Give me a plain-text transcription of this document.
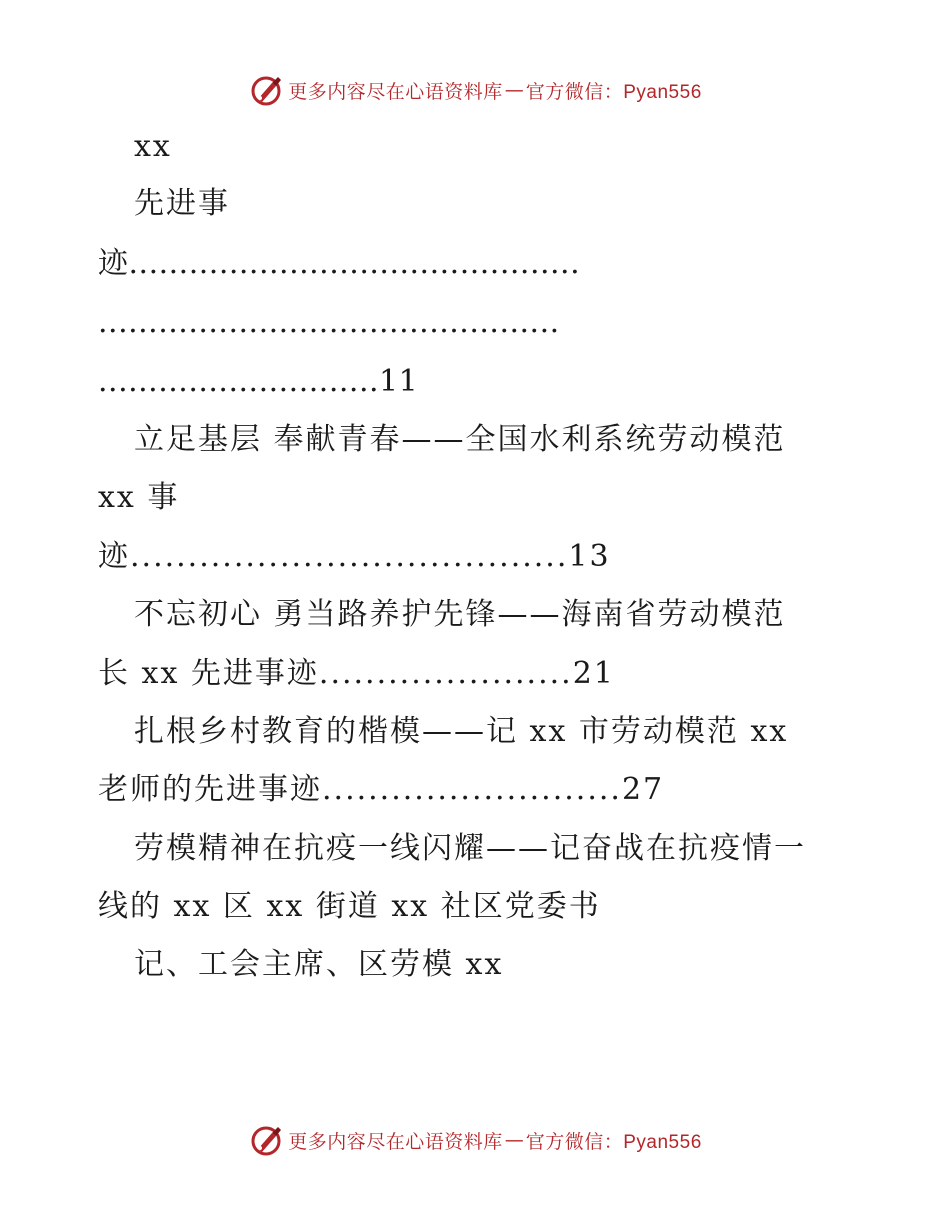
更多内容尽在心语资料库 — 官方微信：Pyan556
xx
先进事
迹.............................................
..............................................
............................11
立足基层 奉献青春——全国水利系统劳动模范
xx 事
迹......................................13
不忘初心 勇当路养护先锋——海南省劳动模范
长 xx 先进事迹......................21
扎根乡村教育的楷模——记 xx 市劳动模范 xx
老师的先进事迹..........................27
劳模精神在抗疫一线闪耀——记奋战在抗疫情一
线的 xx 区 xx 街道 xx 社区党委书
记、工会主席、区劳模 xx
更多内容尽在心语资料库 — 官方微信：Pyan556
